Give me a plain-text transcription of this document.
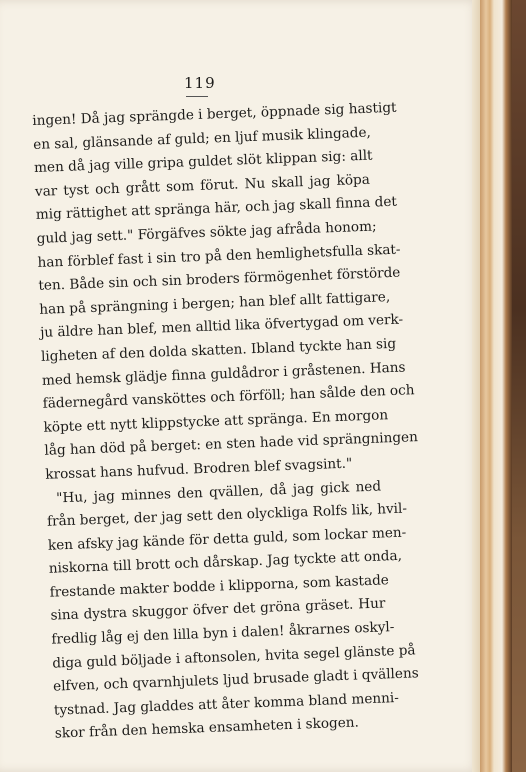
119
ingen! Då jag sprängde i berget, öppnade sig hastigt
en sal, glänsande af guld; en ljuf musik klingade,
men då jag ville gripa guldet slöt klippan sig: allt
var tyst och grått som förut. Nu skall jag köpa
mig rättighet att spränga här, och jag skall finna det
guld jag sett." Förgäfves sökte jag afråda honom;
han förblef fast i sin tro på den hemlighetsfulla skat-
ten. Både sin och sin broders förmögenhet förstörde
han på sprängning i bergen; han blef allt fattigare,
ju äldre han blef, men alltid lika öfvertygad om verk-
ligheten af den dolda skatten. Ibland tyckte han sig
med hemsk glädje finna guldådror i gråstenen. Hans
fädernegård vansköttes och förföll; han sålde den och
köpte ett nytt klippstycke att spränga. En morgon
låg han död på berget: en sten hade vid sprängningen
krossat hans hufvud. Brodren blef svagsint."
"Hu, jag minnes den qvällen, då jag gick ned
från berget, der jag sett den olyckliga Rolfs lik, hvil-
ken afsky jag kände för detta guld, som lockar men-
niskorna till brott och dårskap. Jag tyckte att onda,
frestande makter bodde i klipporna, som kastade
sina dystra skuggor öfver det gröna gräset. Hur
fredlig låg ej den lilla byn i dalen! åkrarnes oskyl-
diga guld böljade i aftonsolen, hvita segel glänste på
elfven, och qvarnhjulets ljud brusade gladt i qvällens
tystnad. Jag gladdes att åter komma bland menni-
skor från den hemska ensamheten i skogen.
